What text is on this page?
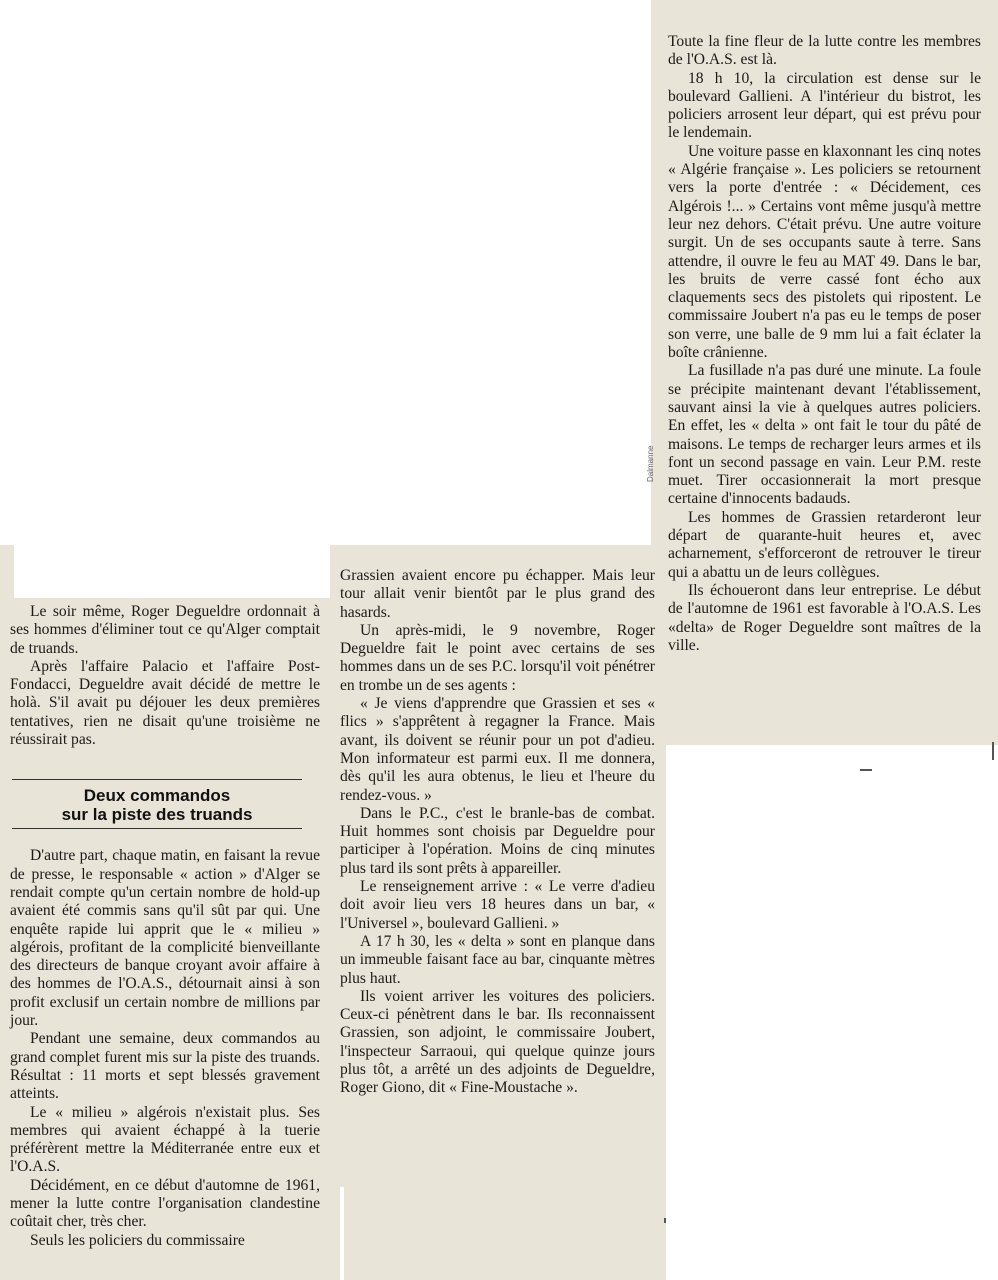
Dalmanne

Le soir même, Roger Degueldre ordonnait à ses hommes d'éliminer tout ce qu'Alger comptait de truands.

Après l'affaire Palacio et l'affaire Post-Fondacci, Degueldre avait décidé de mettre le holà. S'il avait pu déjouer les deux premières tentatives, rien ne disait qu'une troisième ne réussirait pas.

Deux commandos
sur la piste des truands

D'autre part, chaque matin, en faisant la revue de presse, le responsable « action » d'Alger se rendait compte qu'un certain nombre de hold-up avaient été commis sans qu'il sût par qui. Une enquête rapide lui apprit que le « milieu » algérois, profitant de la complicité bienveillante des directeurs de banque croyant avoir affaire à des hommes de l'O.A.S., détournait ainsi à son profit exclusif un certain nombre de millions par jour.

Pendant une semaine, deux commandos au grand complet furent mis sur la piste des truands. Résultat : 11 morts et sept blessés gravement atteints.

Le « milieu » algérois n'existait plus. Ses membres qui avaient échappé à la tuerie préférèrent mettre la Méditerranée entre eux et l'O.A.S.

Décidément, en ce début d'automne de 1961, mener la lutte contre l'organisation clandestine coûtait cher, très cher.

Seuls les policiers du commissaire

Grassien avaient encore pu échapper. Mais leur tour allait venir bientôt par le plus grand des hasards.

Un après-midi, le 9 novembre, Roger Degueldre fait le point avec certains de ses hommes dans un de ses P.C. lorsqu'il voit pénétrer en trombe un de ses agents :

« Je viens d'apprendre que Grassien et ses « flics » s'apprêtent à regagner la France. Mais avant, ils doivent se réunir pour un pot d'adieu. Mon informateur est parmi eux. Il me donnera, dès qu'il les aura obtenus, le lieu et l'heure du rendez-vous. »

Dans le P.C., c'est le branle-bas de combat. Huit hommes sont choisis par Degueldre pour participer à l'opération. Moins de cinq minutes plus tard ils sont prêts à appareiller.

Le renseignement arrive : « Le verre d'adieu doit avoir lieu vers 18 heures dans un bar, « l'Universel », boulevard Gallieni. »

A 17 h 30, les « delta » sont en planque dans un immeuble faisant face au bar, cinquante mètres plus haut.

Ils voient arriver les voitures des policiers. Ceux-ci pénètrent dans le bar. Ils reconnaissent Grassien, son adjoint, le commissaire Joubert, l'inspecteur Sarraoui, qui quelque quinze jours plus tôt, a arrêté un des adjoints de Degueldre, Roger Giono, dit « Fine-Moustache ».

Toute la fine fleur de la lutte contre les membres de l'O.A.S. est là.

18 h 10, la circulation est dense sur le boulevard Gallieni. A l'intérieur du bistrot, les policiers arrosent leur départ, qui est prévu pour le lendemain.

Une voiture passe en klaxonnant les cinq notes « Algérie française ». Les policiers se retournent vers la porte d'entrée : « Décidement, ces Algérois !... » Certains vont même jusqu'à mettre leur nez dehors. C'était prévu. Une autre voiture surgit. Un de ses occupants saute à terre. Sans attendre, il ouvre le feu au MAT 49. Dans le bar, les bruits de verre cassé font écho aux claquements secs des pistolets qui ripostent. Le commissaire Joubert n'a pas eu le temps de poser son verre, une balle de 9 mm lui a fait éclater la boîte crânienne.

La fusillade n'a pas duré une minute. La foule se précipite maintenant devant l'établissement, sauvant ainsi la vie à quelques autres policiers. En effet, les « delta » ont fait le tour du pâté de maisons. Le temps de recharger leurs armes et ils font un second passage en vain. Leur P.M. reste muet. Tirer occasionnerait la mort presque certaine d'innocents badauds.

Les hommes de Grassien retarderont leur départ de quarante-huit heures et, avec acharnement, s'efforceront de retrouver le tireur qui a abattu un de leurs collègues.

Ils échoueront dans leur entreprise. Le début de l'automne de 1961 est favorable à l'O.A.S. Les «delta» de Roger Degueldre sont maîtres de la ville.
